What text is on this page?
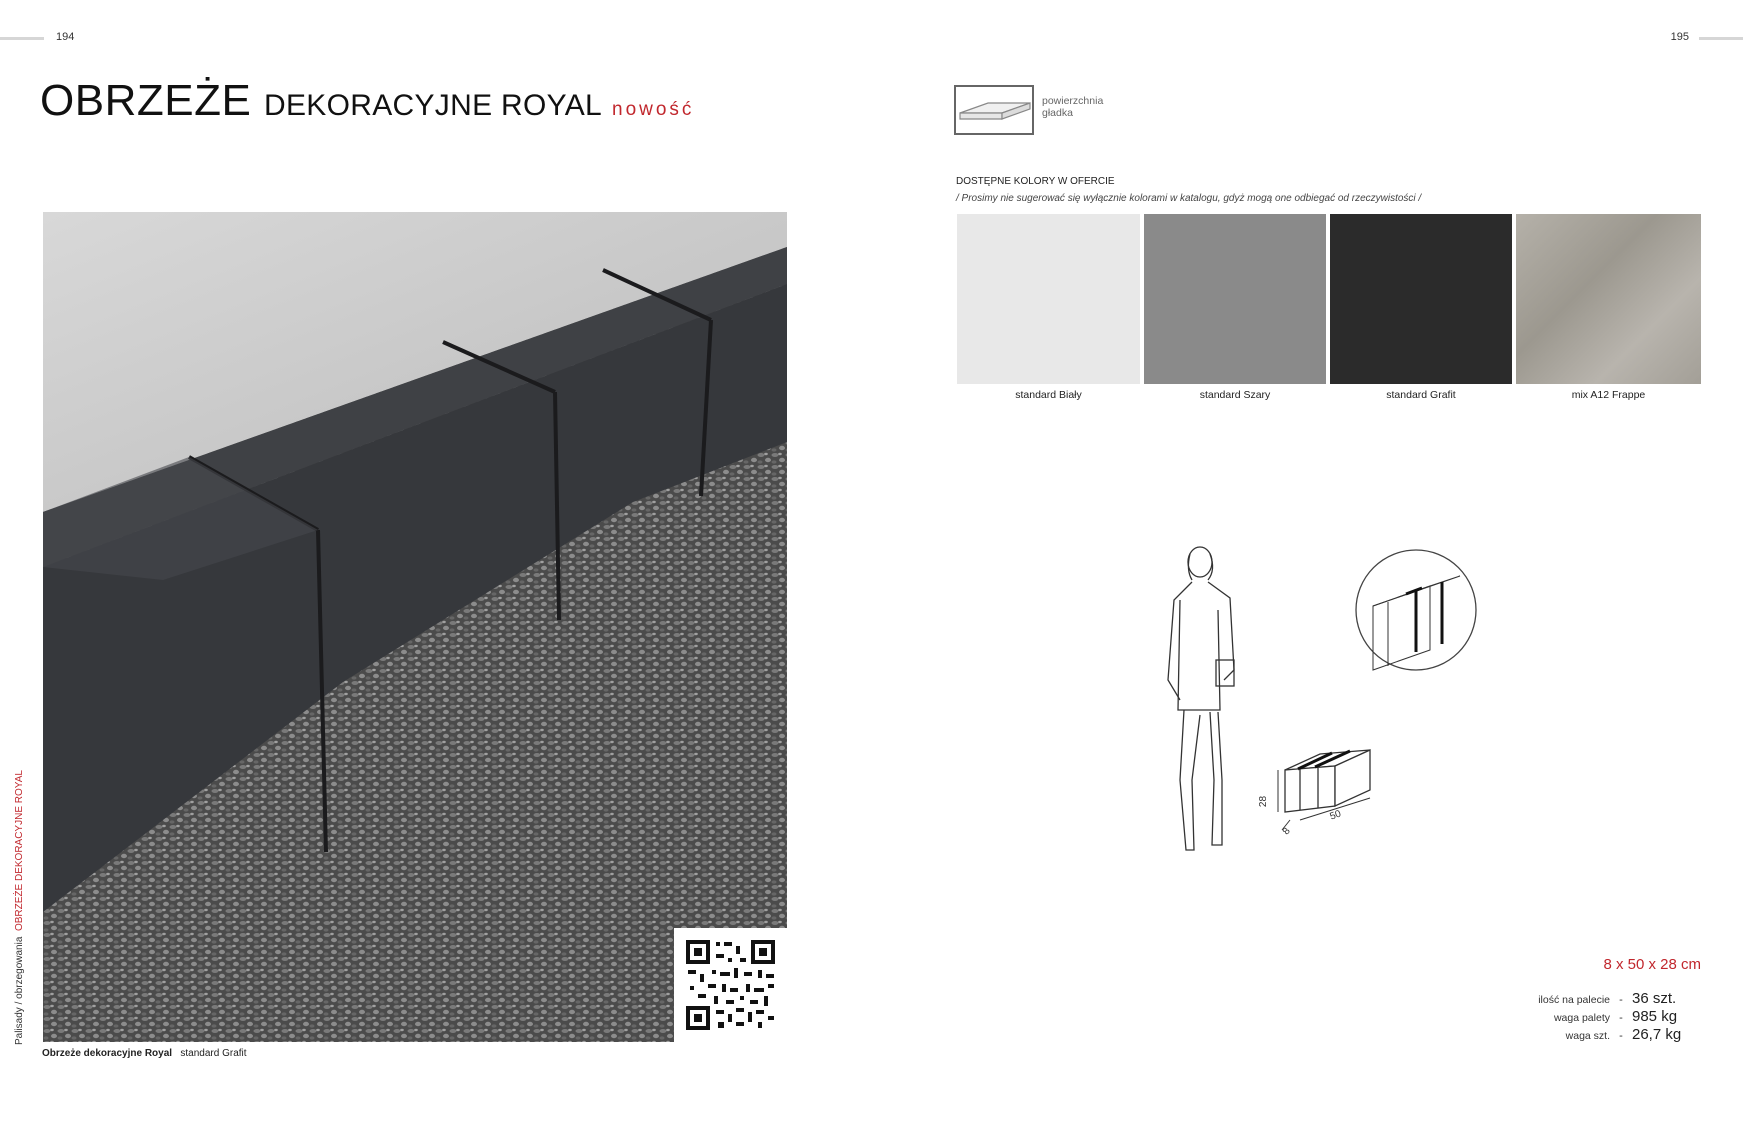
194	195
OBRZEŻE DEKORACYJNE ROYAL nowość
Obrzeże dekoracyjne Royal standard Grafit
Palisady / obrzegowania  OBRZEŻE DEKORACYJNE ROYAL
powierzchnia
gładka
DOSTĘPNE KOLORY W OFERCIE
/ Prosimy nie sugerować się wyłącznie kolorami w katalogu, gdyż mogą one odbiegać od rzeczywistości /
standard Biały	standard Szary	standard Grafit	mix A12 Frappe
28
8
50
8 x 50 x 28 cm
ilość na palecie - 36 szt.
waga palety - 985 kg
waga szt. - 26,7 kg
